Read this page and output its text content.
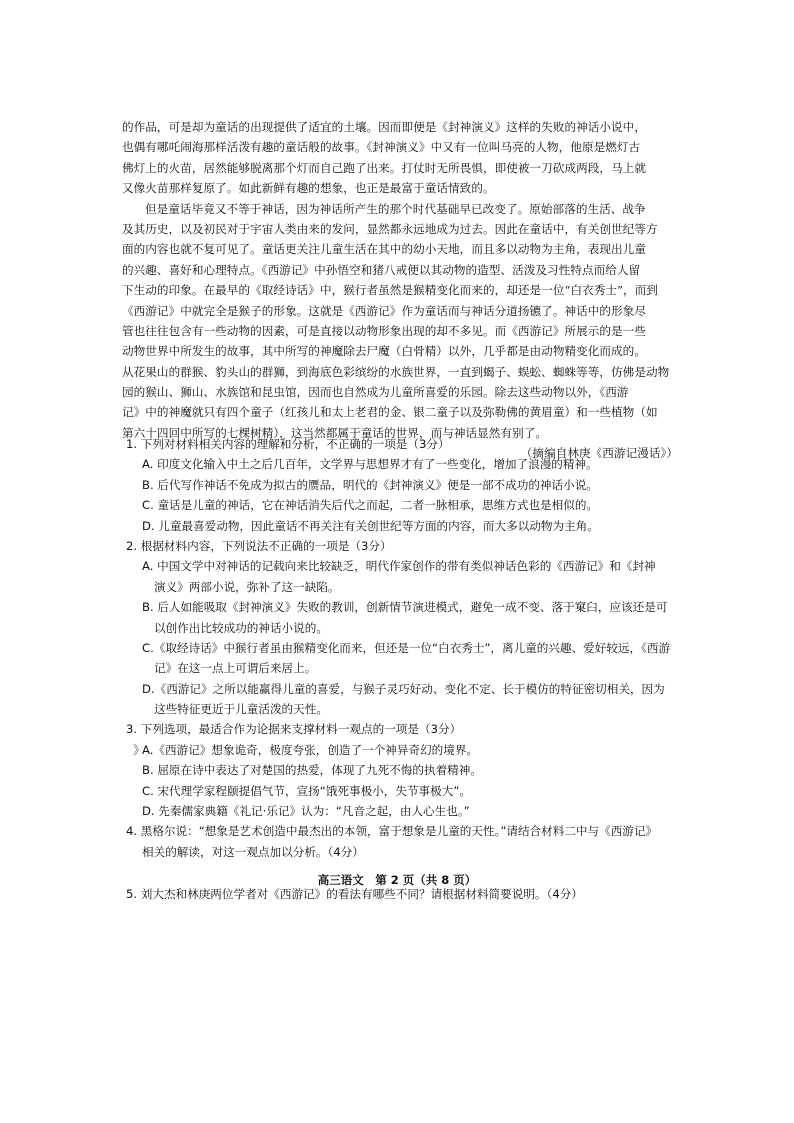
的作品，可是却为童话的出现提供了适宜的土壤。因而即便是《封神演义》这样的失败的神话小说中，
也偶有哪吒闹海那样活泼有趣的童话般的故事。《封神演义》中又有一位叫马亮的人物，他原是燃灯古
佛灯上的火苗，居然能够脱离那个灯而自己跑了出来。打仗时无所畏惧，即使被一刀砍成两段，马上就
又像火苗那样复原了。如此新鲜有趣的想象，也正是最富于童话情致的。
但是童话毕竟又不等于神话，因为神话所产生的那个时代基础早已改变了。原始部落的生活、战争
及其历史，以及初民对于宇宙人类由来的发问，显然都永远地成为过去。因此在童话中，有关创世纪等方
面的内容也就不复可见了。童话更关注儿童生活在其中的幼小天地，而且多以动物为主角，表现出儿童
的兴趣、喜好和心理特点。《西游记》中孙悟空和猪八戒便以其动物的造型、活泼及习性特点而给人留
下生动的印象。在最早的《取经诗话》中，猴行者虽然是猴精变化而来的，却还是一位“白衣秀士”，而到
《西游记》中就完全是猴子的形象。这就是《西游记》作为童话而与神话分道扬镳了。神话中的形象尽
管也往往包含有一些动物的因素，可是直接以动物形象出现的却不多见。而《西游记》所展示的是一些
动物世界中所发生的故事，其中所写的神魔除去尸魔（白骨精）以外，几乎都是由动物精变化而成的。
从花果山的群猴、豹头山的群狮，到海底色彩缤纷的水族世界，一直到蝎子、蜈蚣、蜘蛛等等，仿佛是动物
园的猴山、狮山、水族馆和昆虫馆，因而也自然成为儿童所喜爱的乐园。除去这些动物以外，《西游
记》中的神魔就只有四个童子（红孩儿和太上老君的金、银二童子以及弥勒佛的黄眉童）和一些植物（如
第六十四回中所写的七棵树精），这当然都属于童话的世界，而与神话显然有别了。
（摘编自林庚《西游记漫话》）
1. 下列对材料相关内容的理解和分析，不正确的一项是（3分）
A. 印度文化输入中土之后几百年，文学界与思想界才有了一些变化，增加了浪漫的精神。
B. 后代写作神话不免成为拟古的赝品，明代的《封神演义》便是一部不成功的神话小说。
C. 童话是儿童的神话，它在神话消失后代之而起，二者一脉相承，思维方式也是相似的。
D. 儿童最喜爱动物，因此童话不再关注有关创世纪等方面的内容，而大多以动物为主角。
2. 根据材料内容，下列说法不正确的一项是（3分）
A. 中国文学中对神话的记载向来比较缺乏，明代作家创作的带有类似神话色彩的《西游记》和《封神
演义》两部小说，弥补了这一缺陷。
B. 后人如能吸取《封神演义》失败的教训，创新情节演进模式，避免一成不变、落于窠臼，应该还是可
以创作出比较成功的神话小说的。
C.《取经诗话》中猴行者虽由猴精变化而来，但还是一位“白衣秀士”，离儿童的兴趣、爱好较远，《西游
记》在这一点上可谓后来居上。
D.《西游记》之所以能赢得儿童的喜爱，与猴子灵巧好动、变化不定、长于模仿的特征密切相关，因为
这些特征更近于儿童活泼的天性。
3. 下列选项，最适合作为论据来支撑材料一观点的一项是（3分）
A.《西游记》想象诡奇，极度夸张，创造了一个神异奇幻的境界。
B. 屈原在诗中表达了对楚国的热爱，体现了九死不悔的执着精神。
C. 宋代理学家程颐提倡气节，宣扬“饿死事极小，失节事极大”。
D. 先秦儒家典籍《礼记·乐记》认为：“凡音之起，由人心生也。”
4. 黑格尔说：“想象是艺术创造中最杰出的本领，富于想象是儿童的天性。”请结合材料二中与《西游记》
相关的解读，对这一观点加以分析。（4分）
5. 刘大杰和林庚两位学者对《西游记》的看法有哪些不同？请根据材料简要说明。（4分）
》
高三语文　第 2 页（共 8 页）
